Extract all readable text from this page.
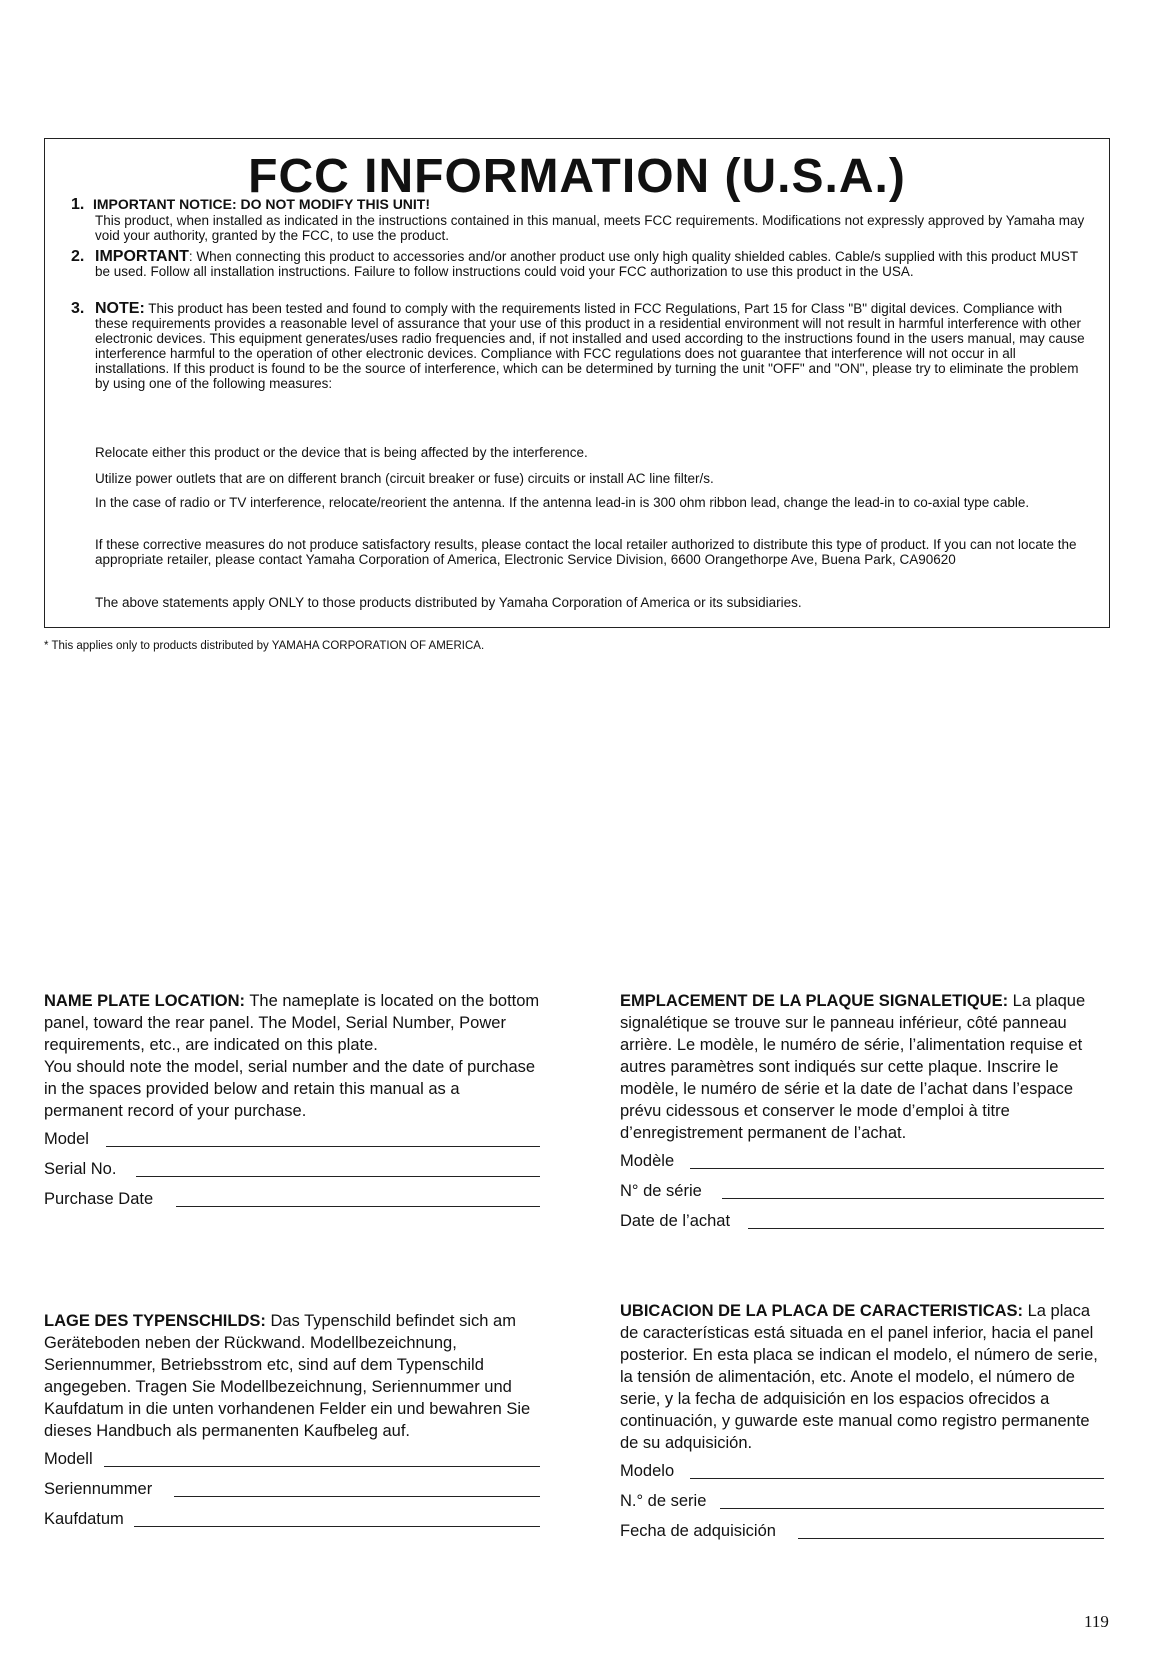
FCC INFORMATION (U.S.A.)
1. IMPORTANT NOTICE: DO NOT MODIFY THIS UNIT!
This product, when installed as indicated in the instructions contained in this manual, meets FCC requirements. Modifications not expressly approved by Yamaha may void your authority, granted by the FCC, to use the product.
2. IMPORTANT: When connecting this product to accessories and/or another product use only high quality shielded cables. Cable/s supplied with this product MUST be used. Follow all installation instructions. Failure to follow instructions could void your FCC authorization to use this product in the USA.
3. NOTE: This product has been tested and found to comply with the requirements listed in FCC Regulations, Part 15 for Class "B" digital devices. Compliance with these requirements provides a reasonable level of assurance that your use of this product in a residential environment will not result in harmful interference with other electronic devices. This equipment generates/uses radio frequencies and, if not installed and used according to the instructions found in the users manual, may cause interference harmful to the operation of other electronic devices. Compliance with FCC regulations does not guarantee that interference will not occur in all installations. If this product is found to be the source of interference, which can be determined by turning the unit "OFF" and "ON", please try to eliminate the problem by using one of the following measures:
Relocate either this product or the device that is being affected by the interference.
Utilize power outlets that are on different branch (circuit breaker or fuse) circuits or install AC line filter/s.
In the case of radio or TV interference, relocate/reorient the antenna. If the antenna lead-in is 300 ohm ribbon lead, change the lead-in to co-axial type cable.
If these corrective measures do not produce satisfactory results, please contact the local retailer authorized to distribute this type of product. If you can not locate the appropriate retailer, please contact Yamaha Corporation of America, Electronic Service Division, 6600 Orangethorpe Ave, Buena Park, CA90620
The above statements apply ONLY to those products distributed by Yamaha Corporation of America or its subsidiaries.
* This applies only to products distributed by YAMAHA CORPORATION OF AMERICA.

NAME PLATE LOCATION: The nameplate is located on the bottom panel, toward the rear panel. The Model, Serial Number, Power requirements, etc., are indicated on this plate.

You should note the model, serial number and the date of purchase in the spaces provided below and retain this manual as a permanent record of your purchase.

Model
Serial No.
Purchase Date

EMPLACEMENT DE LA PLAQUE SIGNALETIQUE: La plaque signalétique se trouve sur le panneau inférieur, côté panneau arrière. Le modèle, le numéro de série, l’alimentation requise et autres paramètres sont indiqués sur cette plaque. Inscrire le modèle, le numéro de série et la date de l’achat dans l’espace prévu cidessous et conserver le mode d’emploi à titre d’enregistrement permanent de l’achat.

Modèle
N° de série
Date de l’achat

LAGE DES TYPENSCHILDS: Das Typenschild befindet sich am Geräteboden neben der Rückwand. Modellbezeichnung, Seriennummer, Betriebsstrom etc, sind auf dem Typenschild angegeben. Tragen Sie Modellbezeichnung, Seriennummer und Kaufdatum in die unten vorhandenen Felder ein und bewahren Sie dieses Handbuch als permanenten Kaufbeleg auf.

Modell
Seriennummer
Kaufdatum

UBICACION DE LA PLACA DE CARACTERISTICAS: La placa de características está situada en el panel inferior, hacia el panel posterior. En esta placa se indican el modelo, el número de serie, la tensión de alimentación, etc. Anote el modelo, el número de serie, y la fecha de adquisición en los espacios ofrecidos a continuación, y guwarde este manual como registro permanente de su adquisición.

Modelo
N.° de serie
Fecha de adquisición
119
